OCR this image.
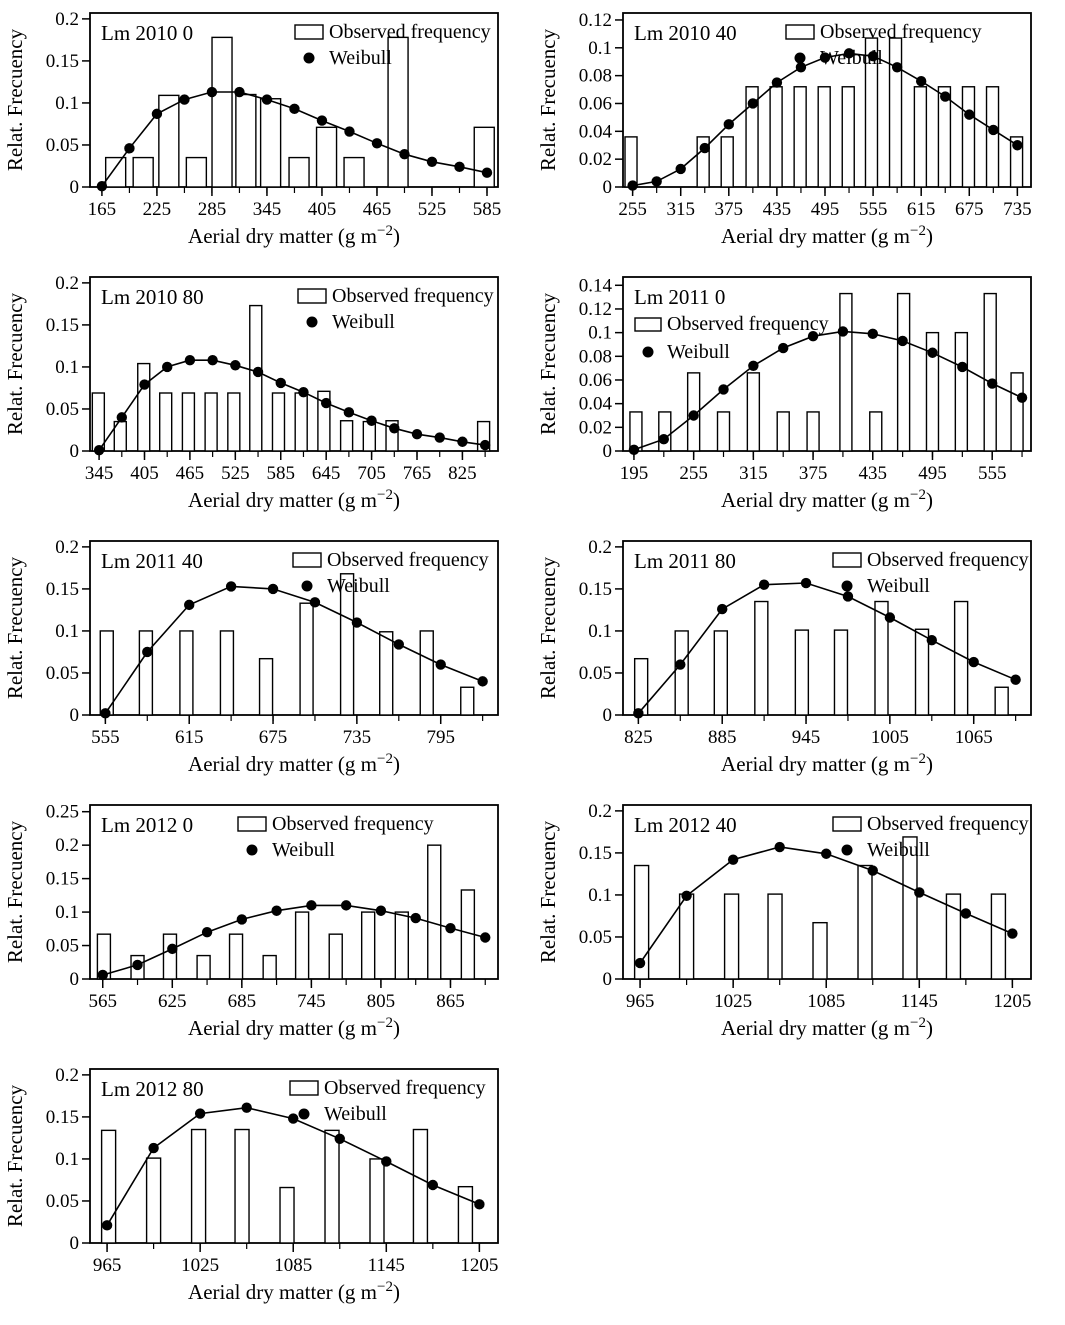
0
0.05
0.1
0.15
0.2
165 225 285 345 405 465 525 585
Lm 2010 0	Observed frequency
Weibull
Aerial dry matter (g $m^{-2}$)
Relat. Frecuency
0
0.02
0.04
0.06
0.08
0.1
0.12
255 315 375 435 495 555 615 675 735
Lm 2010 40	Observed frequency
Weibull
Aerial dry matter (g $m^{-2}$)
Relat. Frecuency
0
0.05
0.1
0.15
0.2
345 405 465 525 585 645 705 765 825
Lm 2010 80	Observed frequency
Weibull
Aerial dry matter (g $m^{-2}$)
Relat. Frecuency
0
0.02
0.04
0.06
0.08
0.1
0.12
0.14
195 255 315 375 435 495 555
Lm 2011 0
Observed frequency
Weibull
Aerial dry matter (g $m^{-2}$)
Relat. Frecuency
0
0.05
0.1
0.15
0.2
555	615	675	735	795
Lm 2011 40	Observed frequency
Weibull
Aerial dry matter (g $m^{-2}$)
Relat. Frecuency
0
0.05
0.1
0.15
0.2
825	885	945	1005 1065
Lm 2011 80	Observed frequency
Weibull
Aerial dry matter (g $m^{-2}$)
Relat. Frecuency
0
0.05
0.1
0.15
0.2
0.25
565 625 685 745 805 865
Lm 2012 0	Observed frequency
Weibull
Aerial dry matter (g $m^{-2}$)
Relat. Frecuency
0
0.05
0.1
0.15
0.2
965	1025	1085	1145	1205
Lm 2012 40	Observed frequency
Weibull
Aerial dry matter (g $m^{-2}$)
Relat. Frecuency
0
0.05
0.1
0.15
0.2
965	1025	1085	1145	1205
Lm 2012 80	Observed frequency
Weibull
Aerial dry matter (g $m^{-2}$)
Relat. Frecuency
